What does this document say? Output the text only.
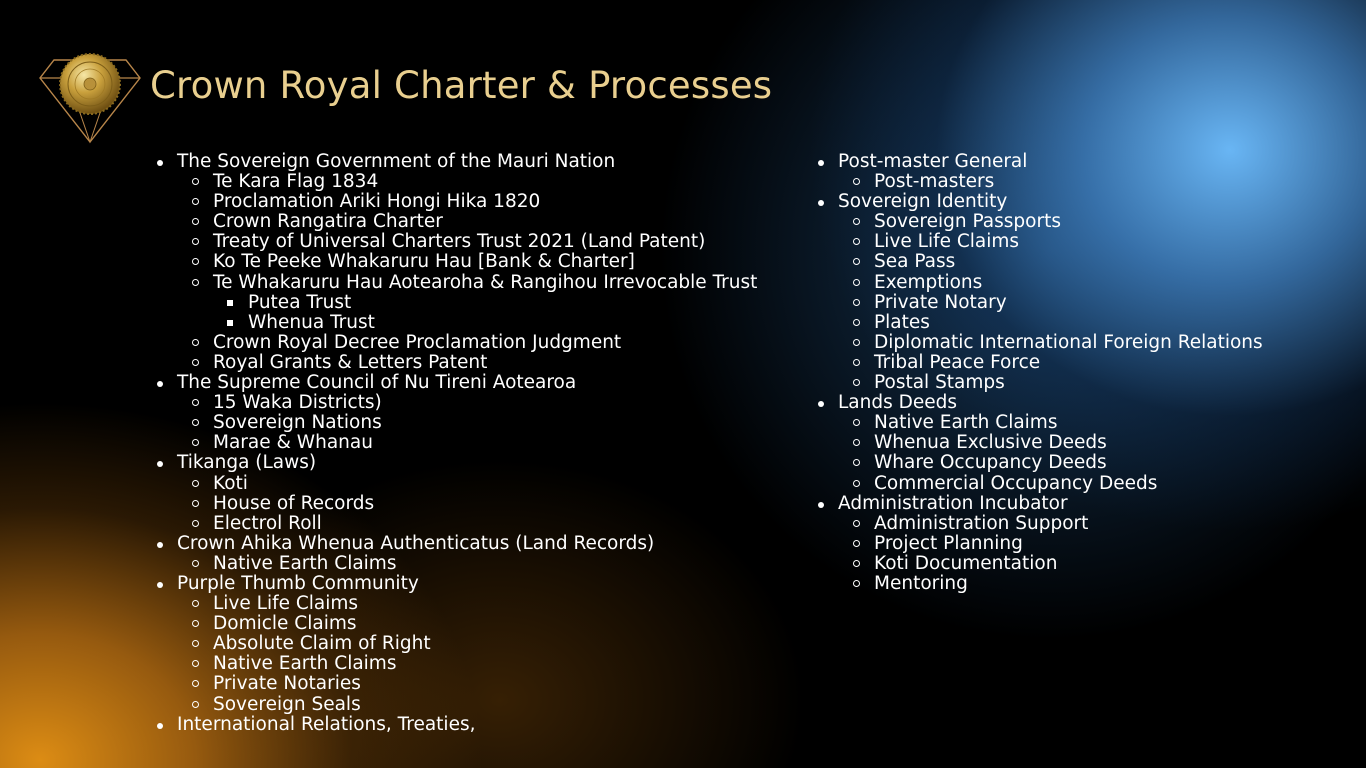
Crown Royal Charter & Processes
The Sovereign Government of the Mauri Nation
Te Kara Flag 1834
Proclamation Ariki Hongi Hika 1820
Crown Rangatira Charter
Treaty of Universal Charters Trust 2021 (Land Patent)
Ko Te Peeke Whakaruru Hau [Bank & Charter]
Te Whakaruru Hau Aotearoha & Rangihou Irrevocable Trust
Putea Trust
Whenua Trust
Crown Royal Decree Proclamation Judgment
Royal Grants & Letters Patent
The Supreme Council of Nu Tireni Aotearoa
15 Waka Districts)
Sovereign Nations
Marae & Whanau
Tikanga (Laws)
Koti
House of Records
Electrol Roll
Crown Ahika Whenua Authenticatus (Land Records)
Native Earth Claims
Purple Thumb Community
Live Life Claims
Domicle Claims
Absolute Claim of Right
Native Earth Claims
Private Notaries
Sovereign Seals
International Relations, Treaties,
Post-master General
Post-masters
Sovereign Identity
Sovereign Passports
Live Life Claims
Sea Pass
Exemptions
Private Notary
Plates
Diplomatic International Foreign Relations
Tribal Peace Force
Postal Stamps
Lands Deeds
Native Earth Claims
Whenua Exclusive Deeds
Whare Occupancy Deeds
Commercial Occupancy Deeds
Administration Incubator
Administration Support
Project Planning
Koti Documentation
Mentoring
